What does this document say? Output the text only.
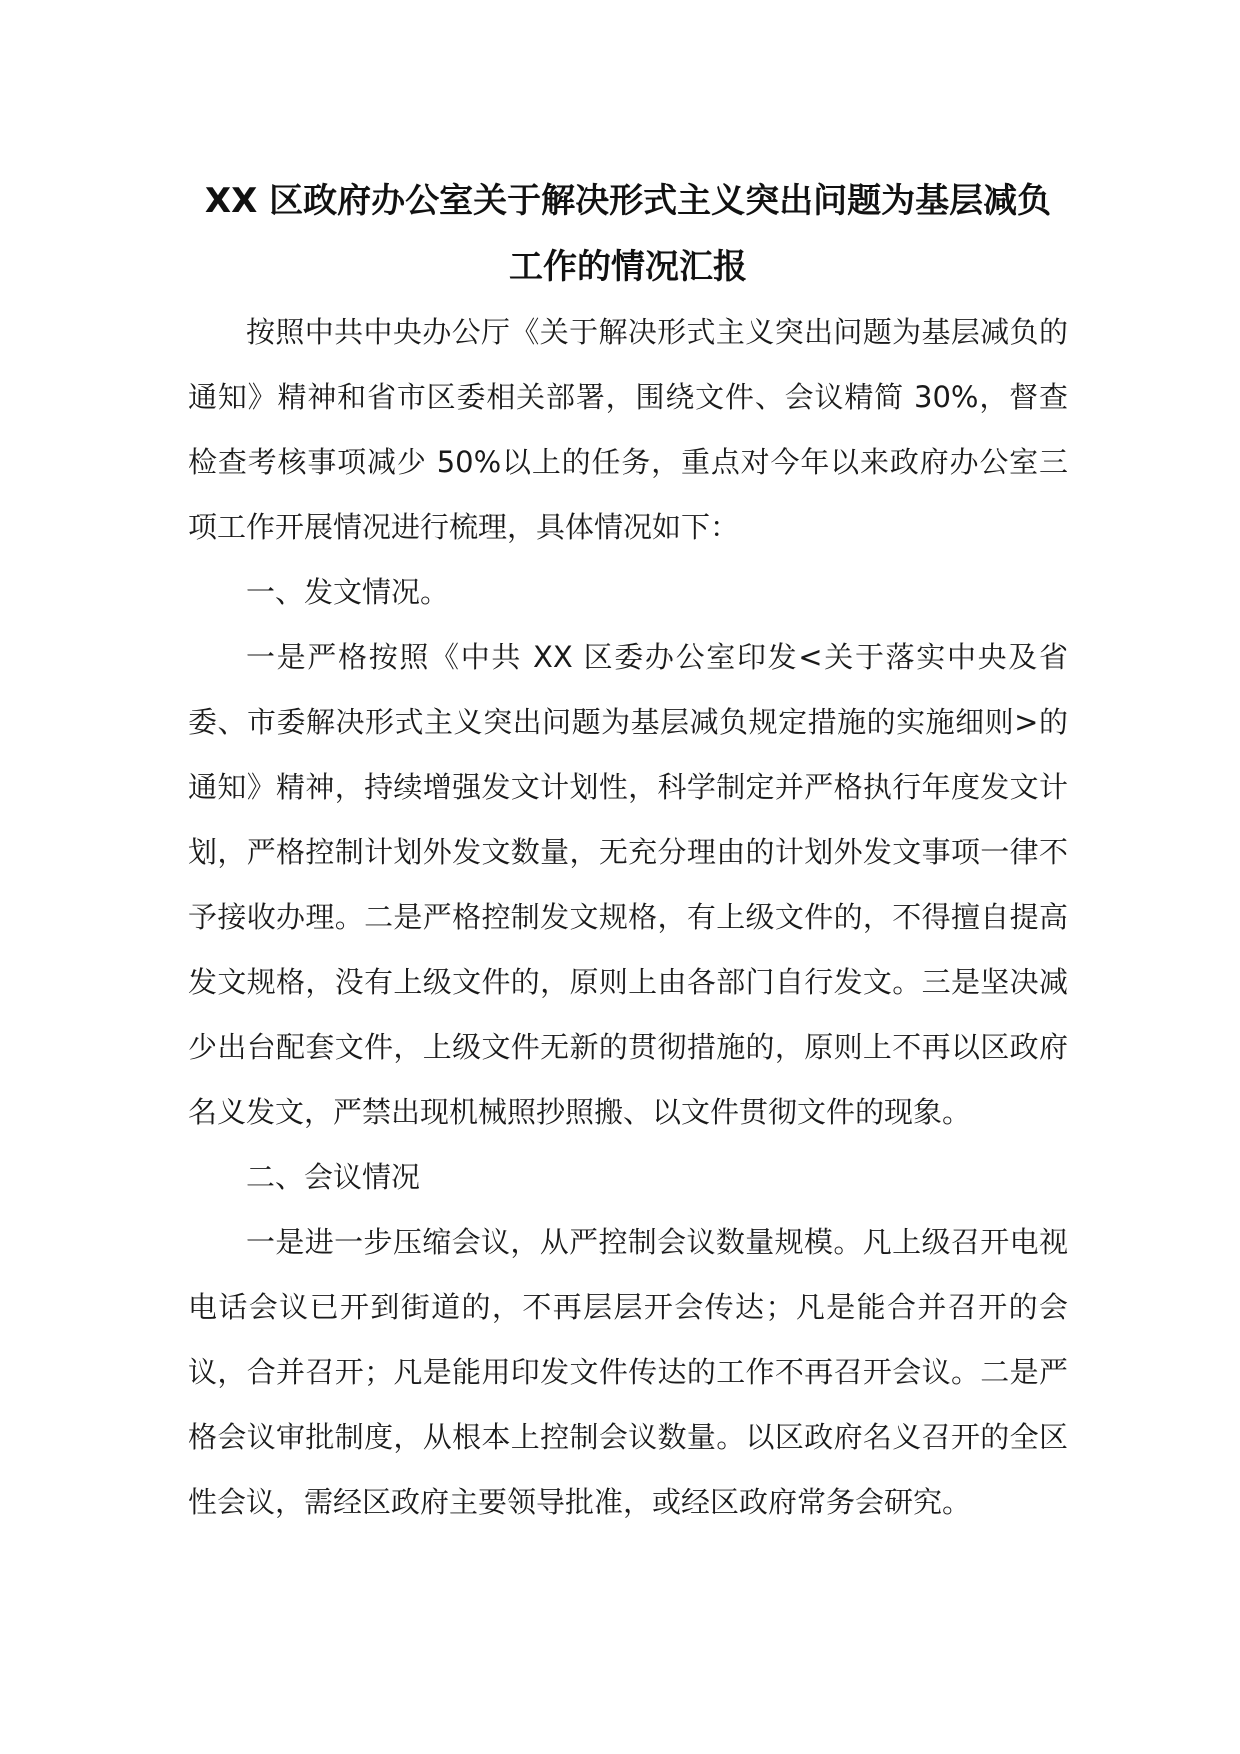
XX 区政府办公室关于解决形式主义突出问题为基层减负工作的情况汇报

按照中共中央办公厅《关于解决形式主义突出问题为基层减负的通知》精神和省市区委相关部署，围绕文件、会议精简 30%，督查检查考核事项减少 50%以上的任务，重点对今年以来政府办公室三项工作开展情况进行梳理，具体情况如下：

一、发文情况。

一是严格按照《中共 XX 区委办公室印发<关于落实中央及省委、市委解决形式主义突出问题为基层减负规定措施的实施细则>的通知》精神，持续增强发文计划性，科学制定并严格执行年度发文计划，严格控制计划外发文数量，无充分理由的计划外发文事项一律不予接收办理。二是严格控制发文规格，有上级文件的，不得擅自提高发文规格，没有上级文件的，原则上由各部门自行发文。三是坚决减少出台配套文件，上级文件无新的贯彻措施的，原则上不再以区政府名义发文，严禁出现机械照抄照搬、以文件贯彻文件的现象。

二、会议情况

一是进一步压缩会议，从严控制会议数量规模。凡上级召开电视电话会议已开到街道的，不再层层开会传达；凡是能合并召开的会议，合并召开；凡是能用印发文件传达的工作不再召开会议。二是严格会议审批制度，从根本上控制会议数量。以区政府名义召开的全区性会议，需经区政府主要领导批准，或经区政府常务会研究。
